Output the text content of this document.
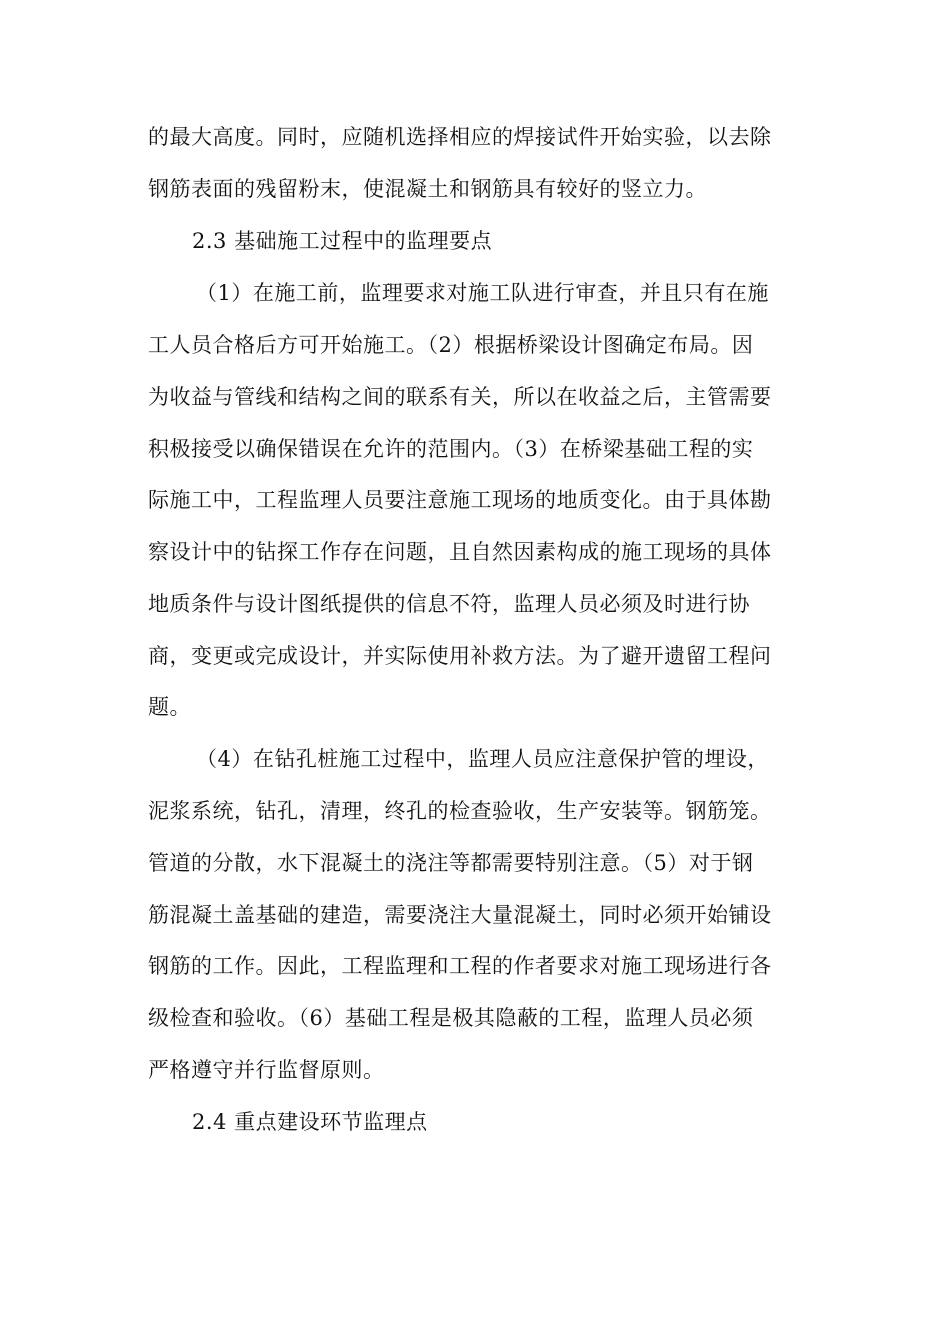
的最大高度。同时，应随机选择相应的焊接试件开始实验，以去除
钢筋表面的残留粉末，使混凝土和钢筋具有较好的竖立力。
2.3 基础施工过程中的监理要点
（1）在施工前，监理要求对施工队进行审查，并且只有在施
工人员合格后方可开始施工。（2）根据桥梁设计图确定布局。因
为收益与管线和结构之间的联系有关，所以在收益之后，主管需要
积极接受以确保错误在允许的范围内。（3）在桥梁基础工程的实
际施工中，工程监理人员要注意施工现场的地质变化。由于具体勘
察设计中的钻探工作存在问题，且自然因素构成的施工现场的具体
地质条件与设计图纸提供的信息不符，监理人员必须及时进行协
商，变更或完成设计，并实际使用补救方法。为了避开遗留工程问
题。
（4）在钻孔桩施工过程中，监理人员应注意保护管的埋设，
泥浆系统，钻孔，清理，终孔的检查验收，生产安装等。钢筋笼。
管道的分散，水下混凝土的浇注等都需要特别注意。（5）对于钢
筋混凝土盖基础的建造，需要浇注大量混凝土，同时必须开始铺设
钢筋的工作。因此，工程监理和工程的作者要求对施工现场进行各
级检查和验收。（6）基础工程是极其隐蔽的工程，监理人员必须
严格遵守并行监督原则。
2.4 重点建设环节监理点
